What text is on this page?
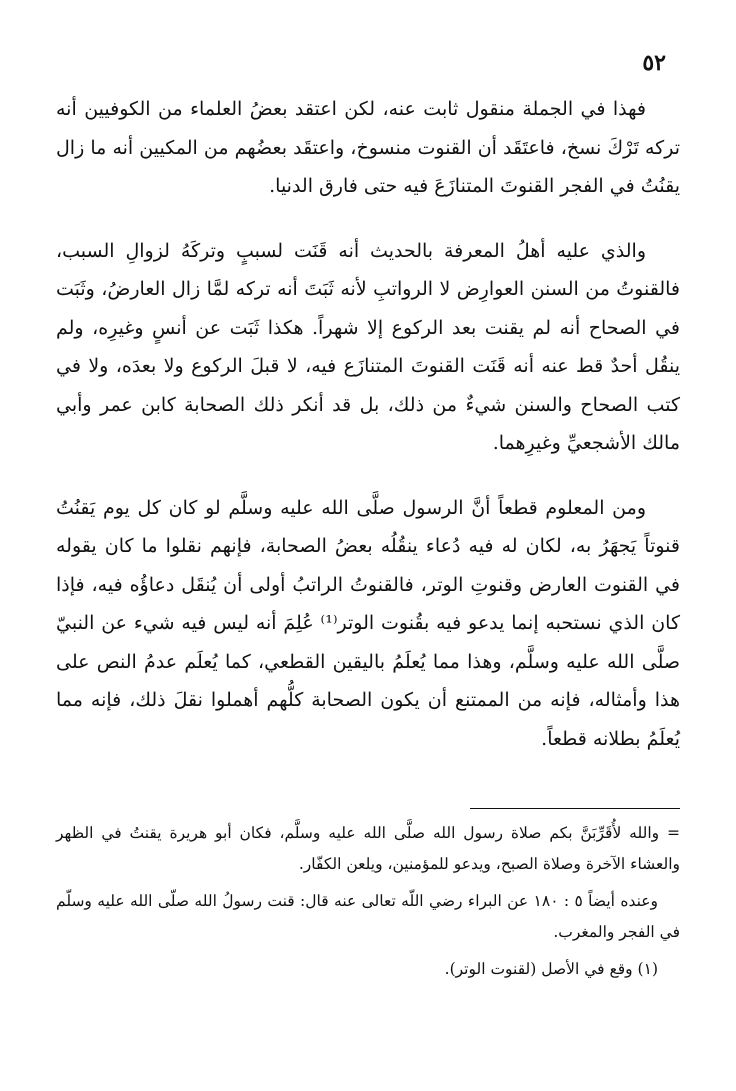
٥٢

فهذا في الجملة منقول ثابت عنه، لكن اعتقد بعضُ العلماء من الكوفيين أنه تركه تَرْكَ نسخ، فاعتَقَد أن القنوت منسوخ، واعتقَد بعضُهم من المكيين أنه ما زال يقنُتُ في الفجر القنوتَ المتنازَعَ فيه حتى فارق الدنيا.

والذي عليه أهلُ المعرفة بالحديث أنه قَنَت لسببٍ وتركَهُ لزوالِ السبب، فالقنوتُ من السنن العوارِض لا الرواتبِ لأنه ثَبَتَ أنه تركه لمَّا زال العارضُ، وثَبَت في الصحاح أنه لم يقنت بعد الركوع إلا شهراً. هكذا ثَبَت عن أنسٍ وغيرِه، ولم ينقُل أحدٌ قط عنه أنه قَنَت القنوتَ المتنازَع فيه، لا قبلَ الركوع ولا بعدَه، ولا في كتب الصحاح والسنن شيءٌ من ذلك، بل قد أنكر ذلك الصحابة كابن عمر وأبي مالك الأشجعيِّ وغيرِهما.

ومن المعلوم قطعاً أنَّ الرسول صلَّى الله عليه وسلَّم لو كان كل يوم يَقنُتُ قنوتاً يَجهَرُ به، لكان له فيه دُعاء ينقُلُه بعضُ الصحابة، فإنهم نقلوا ما كان يقوله في القنوت العارض وقنوتِ الوتر، فالقنوتُ الراتبُ أولى أن يُنقَل دعاؤُه فيه، فإذا كان الذي نستحبه إنما يدعو فيه بقُنوت الوتر⁽¹⁾ عُلِمَ أنه ليس فيه شيء عن النبيّ صلَّى الله عليه وسلَّم، وهذا مما يُعلَمُ باليقين القطعي، كما يُعلَم عدمُ النص على هذا وأمثاله، فإنه من الممتنع أن يكون الصحابة كلُّهم أهملوا نقلَ ذلك، فإنه مما يُعلَمُ بطلانه قطعاً.

= والله لأُقَرِّبَنَّ بكم صلاة رسول الله صلَّى الله عليه وسلَّم، فكان أبو هريرة يقنتُ في الظهر والعشاء الآخرة وصلاة الصبح، ويدعو للمؤمنين، ويلعن الكفّار.

وعنده أيضاً ٥ : ١٨٠ عن البراء رضي اللّه تعالى عنه قال: قنت رسولُ الله صلّى الله عليه وسلّم في الفجر والمغرب.

(١) وقع في الأصل (لقنوت الوتر).
